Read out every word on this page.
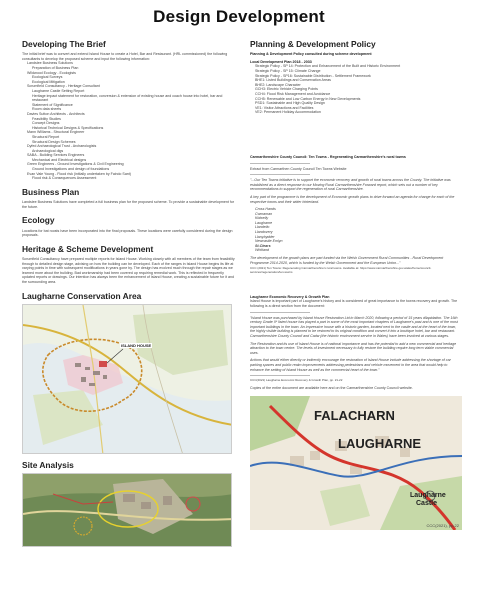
Design Development
Developing The Brief
The initial brief was to convert and extend Island House to create a Hotel, Bar and Restaurant. (HRL commissioned) the following consultants to develop the proposed scheme and input the following information:
Landslee Business Solutions
Preparation of Business Plan
Wildwood Ecology - Ecologists
Ecological Surveys
Ecological Mitigation
Scrumfield Consultancy - Heritage Consultant
Laugharne Castle Setting Report
Heritage impact statement for restoration, conversion & extension of existing house and coach house into hotel, bar and restaurant
Statement of Significance
Room data sheets
Davies Sutton Architects - Architects
Feasibility Studies
Concept Designs
Historical Technical Designs & Specifications
Mann Williams - Structural Engineer
Structural Report
Structural Design Schemes
Dyfed Archaeological Trust - Archaeologists
Archaeological digs
SABA - Building Services Engineers
Mechanical and Electrical designs
Green Engineers - Ground Investigations & Civil Engineering
Ground Investigations and design of foundations
Evan Vale Young - Flood risk (initially undertaken by Fairclo Sant)
Flood risk & Consequences Assessment
Business Plan
Landslee Business Solutions have completed a full business plan for the proposed scheme. To provide a sustainable development for the future.
Ecology
Locations for bat roosts have been incorporated into the final proposals. These locations were carefully considered during the design proposals.
Heritage & Scheme Development
Scrumfield Consultancy have prepared multiple reports for Island House. Working closely with all members of the team from feasibility through to detailed design stage, advising on how the building can be developed. Each of the ranges in Island House begins its life at varying points in time with subsequent modifications in years gone by. The design has evolved much through the repair stages as we learned more about the building. Bad workmanship had been covered up requiring remedial work. This is reflected in frequently updated reports or drawings. Our intention has always been the enhancement of Island House, creating a sustainable future for it and the surrounding area.
Laugharne Conservation Area
ISLAND HOUSE
Site Analysis
Planning & Development Policy
Planning & Development Policy consulted during scheme development
Local Development Plan 2018 - 2033
Strategic Policy - SP 14: Protection and Enhancement of the Built and Historic Environment
Strategic Policy - SP 15: Climate Change
Strategic Policy - SP16: Sustainable Distribution - Settlement Framework
BHE1: Listed Buildings and Conservation Areas
BHE2: Landscape Character
GCH3: Electric Vehicle Charging Points
CCH4: Flood Risk Management and Avoidance
CCH5: Renewable and Low Carbon Energy in New Developments
PSD1: Sustainable and High Quality Design
VE1: Visitor Attractions and Facilities
VE2: Permanent Holiday Accommodation
Carmarthenshire County Council: Ten Towns - Regenerating Carmarthenshire's rural towns
Extract from Carmarthen County Council Ten Towns Website
"...Our Ten Towns initiative is to support the economic recovery and growth of rural towns across the County. The initiative was established as a direct response to our Moving Rural Carmarthenshire Forward report, which sets out a number of key recommendations to support the regeneration of rural Carmarthenshire.
A key part of the programme is the development of Economic growth plans to drive forward an agenda for change for each of the respective towns and their wider hinterland.
Cross Hands
Cwmaman
Kidwelly
Laugharne
Llandeilo
Llandovery
Llanybydder
Newcastle Emlyn
St.Clears
Whitland
The development of the growth plans are part funded via the Welsh Government Rural Communities - Rural Development Programme 2014-2020, which is funded by the Welsh Government and the European Union..."
CCC (2021) Ten Towns: Regenerating Carmarthenshire's rural towns. Available at: https://www.carmarthenshire.gov.wales/home/council-services/regeneration/ten-towns
Laugharne Economic Recovery & Growth Plan
Island House is important part of Laugharne's history and is considered of great importance to the towns recovery and growth. The following is a direct section from the document:
"Island House was purchased by Island House Restoration Ltd in March 2020, following a period of 15 years dilapidation. The 16th century Grade II* listed house has played a part in some of the most important chapters of Laugharne's past and is one of the most important buildings in the town. An impressive house with a historic garden, located next to the castle and at the heart of the town, the highly visible building is planned to be restored to its original condition and convert it into a boutique hotel, bar and restaurant. Carmarthenshire County Council and Cadw (the historic environment service in Wales) have been involved at various stages.
The Restoration and its use of Island House is of national importance and has the potential to add a new commercial and heritage attraction to the town centre. The levels of investment necessary to fully restore the building require long term viable commercial uses.
Actions that would either directly or indirectly encourage the restoration of Island House include addressing the shortage of car parking spaces and public realm improvements addressing pedestrians and vehicle movement in the area that would help to enhance the setting of Island House as well as the commercial heart of the town."
CCC(2021) Laugharne Economic Recovery & Growth Plan, pp. 21-22
Copies of the entire document are available here and on the Carmarthenshire County Council website.
FALACHARN
LAUGHARNE
Laugharne
Castle
CCC(2021), pp.22
